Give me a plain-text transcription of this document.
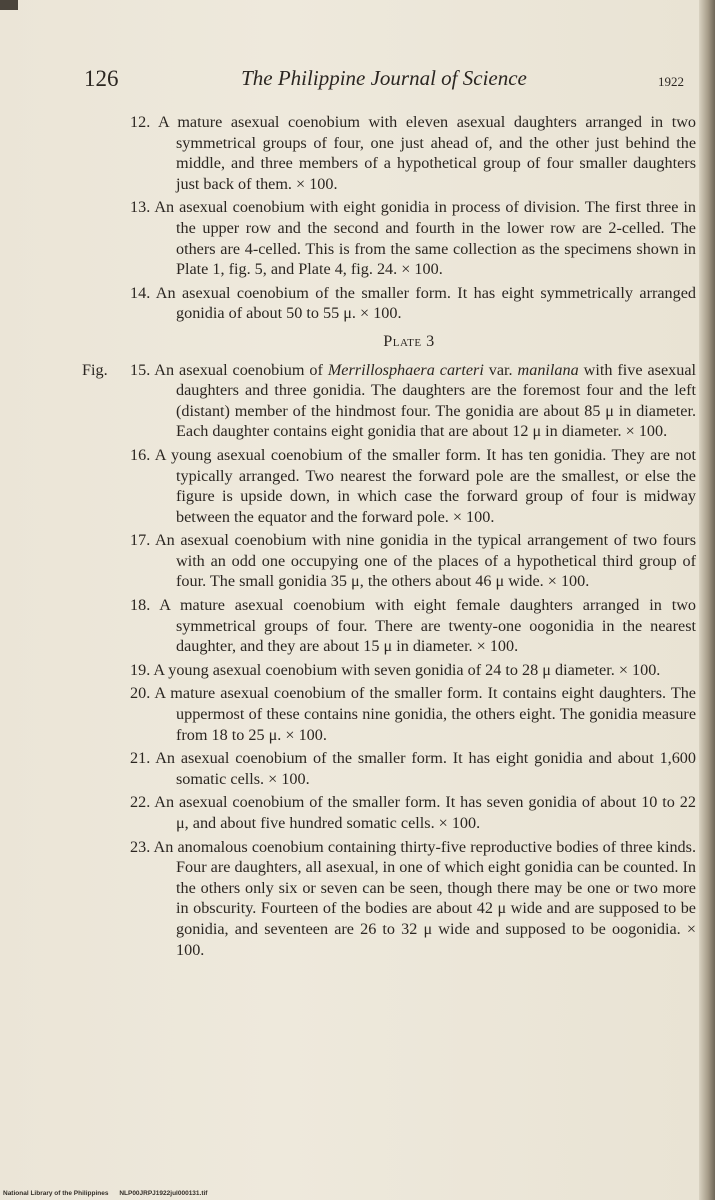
126	The Philippine Journal of Science	1922

12. A mature asexual coenobium with eleven asexual daughters arranged in two symmetrical groups of four, one just ahead of, and the other just behind the middle, and three members of a hypothetical group of four smaller daughters just back of them. × 100.

13. An asexual coenobium with eight gonidia in process of division. The first three in the upper row and the second and fourth in the lower row are 2-celled. The others are 4-celled. This is from the same collection as the specimens shown in Plate 1, fig. 5, and Plate 4, fig. 24. × 100.

14. An asexual coenobium of the smaller form. It has eight symmetrically arranged gonidia of about 50 to 55 μ. × 100.

Plate 3

Fig. 15. An asexual coenobium of Merrillosphaera carteri var. manilana with five asexual daughters and three gonidia. The daughters are the foremost four and the left (distant) member of the hindmost four. The gonidia are about 85 μ in diameter. Each daughter contains eight gonidia that are about 12 μ in diameter. × 100.

16. A young asexual coenobium of the smaller form. It has ten gonidia. They are not typically arranged. Two nearest the forward pole are the smallest, or else the figure is upside down, in which case the forward group of four is midway between the equator and the forward pole. × 100.

17. An asexual coenobium with nine gonidia in the typical arrangement of two fours with an odd one occupying one of the places of a hypothetical third group of four. The small gonidia 35 μ, the others about 46 μ wide. × 100.

18. A mature asexual coenobium with eight female daughters arranged in two symmetrical groups of four. There are twenty-one oogonidia in the nearest daughter, and they are about 15 μ in diameter. × 100.

19. A young asexual coenobium with seven gonidia of 24 to 28 μ diameter. × 100.

20. A mature asexual coenobium of the smaller form. It contains eight daughters. The uppermost of these contains nine gonidia, the others eight. The gonidia measure from 18 to 25 μ. × 100.

21. An asexual coenobium of the smaller form. It has eight gonidia and about 1,600 somatic cells. × 100.

22. An asexual coenobium of the smaller form. It has seven gonidia of about 10 to 22 μ, and about five hundred somatic cells. × 100.

23. An anomalous coenobium containing thirty-five reproductive bodies of three kinds. Four are daughters, all asexual, in one of which eight gonidia can be counted. In the others only six or seven can be seen, though there may be one or two more in obscurity. Fourteen of the bodies are about 42 μ wide and are supposed to be gonidia, and seventeen are 26 to 32 μ wide and supposed to be oogonidia. × 100.

National Library of the Philippines NLP00JRPJ1922jul000131.tif
